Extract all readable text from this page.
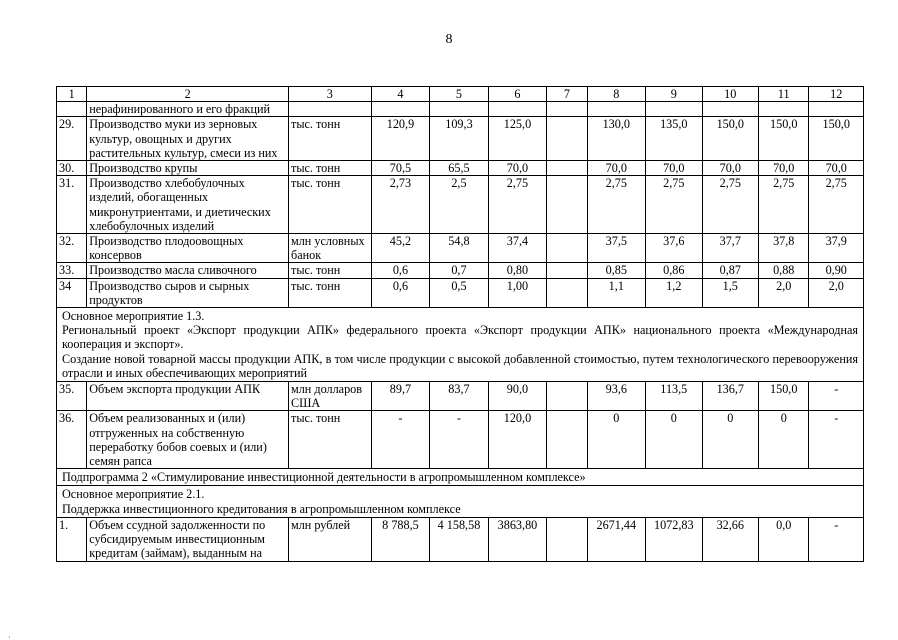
8
1	2	3	4	5	6	7	8	9	10	11	12
	нерафинированного и его фракций										
29.	Производство муки из зерновых культур, овощных и других растительных культур, смеси из них	тыс. тонн	120,9	109,3	125,0		130,0	135,0	150,0	150,0	150,0
30.	Производство крупы	тыс. тонн	70,5	65,5	70,0		70,0	70,0	70,0	70,0	70,0
31.	Производство хлебобулочных изделий, обогащенных микронутриентами, и диетических хлебобулочных изделий	тыс. тонн	2,73	2,5	2,75		2,75	2,75	2,75	2,75	2,75
32.	Производство плодоовощных консервов	млн условных банок	45,2	54,8	37,4		37,5	37,6	37,7	37,8	37,9
33.	Производство масла сливочного	тыс. тонн	0,6	0,7	0,80		0,85	0,86	0,87	0,88	0,90
34	Производство сыров и сырных продуктов	тыс. тонн	0,6	0,5	1,00		1,1	1,2	1,5	2,0	2,0

Основное мероприятие 1.3.
Региональный проект «Экспорт продукции АПК» федерального проекта «Экспорт продукции АПК» национального проекта «Международная кооперация и экспорт».
Создание новой товарной массы продукции АПК, в том числе продукции с высокой добавленной стоимостью, путем технологического перевооружения отрасли и иных обеспечивающих мероприятий											

35.	Объем экспорта продукции АПК	млн долларов США	89,7	83,7	90,0		93,6	113,5	136,7	150,0	-
36.	Объем реализованных и (или) отгруженных на собственную переработку бобов соевых и (или) семян рапса	тыс. тонн	-	-	120,0		0	0	0	0	-

Подпрограмма 2 «Стимулирование инвестиционной деятельности в агропромышленном комплексе»											

Основное мероприятие 2.1.
Поддержка инвестиционного кредитования в агропромышленном комплексе											

1.	Объем ссудной задолженности по субсидируемым инвестиционным кредитам (займам), выданным на	млн рублей	8 788,5	4 158,58	3863,80		2671,44	1072,83	32,66	0,0	-
ˌ
